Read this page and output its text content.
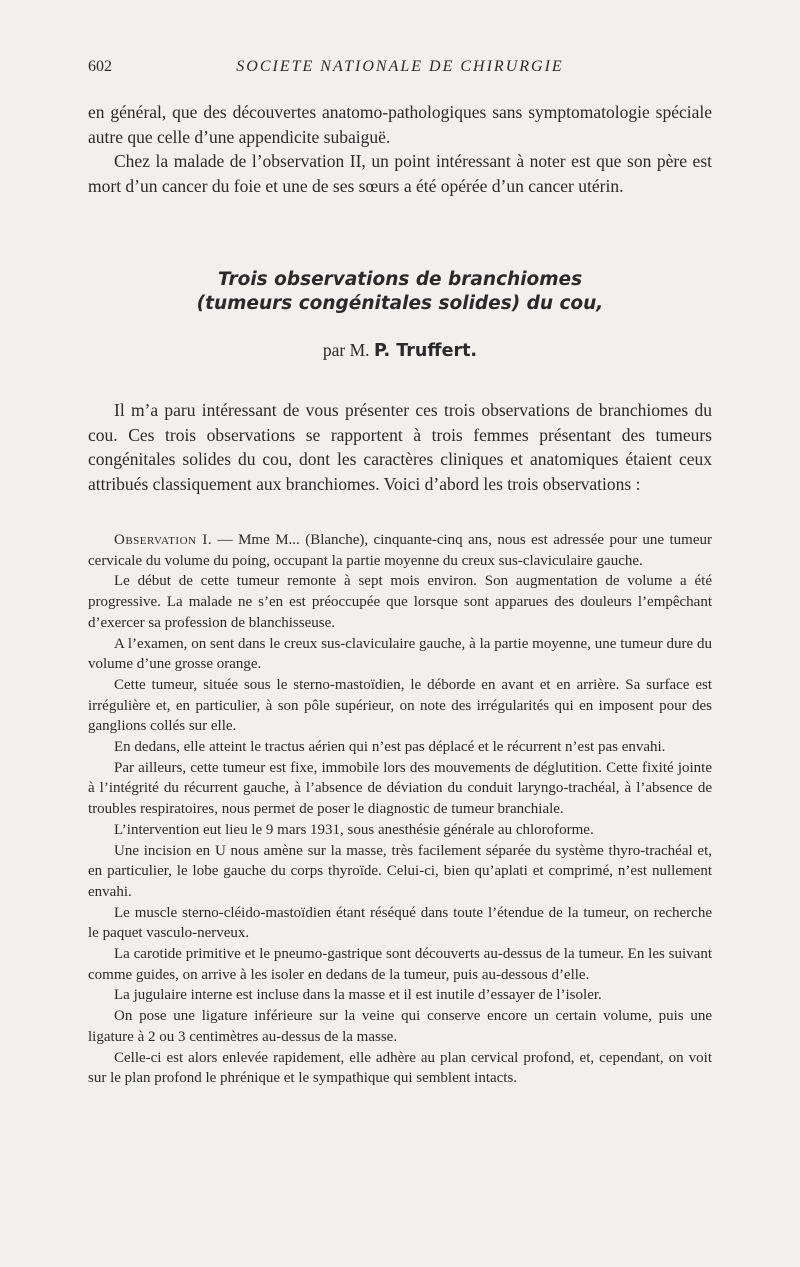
602	SOCIETE NATIONALE DE CHIRURGIE

en général, que des découvertes anatomo-pathologiques sans symptomatologie spéciale autre que celle d’une appendicite subaiguë.

Chez la malade de l’observation II, un point intéressant à noter est que son père est mort d’un cancer du foie et une de ses sœurs a été opérée d’un cancer utérin.

Trois observations de branchiomes
(tumeurs congénitales solides) du cou,
par M. P. Truffert.

Il m’a paru intéressant de vous présenter ces trois observations de branchiomes du cou. Ces trois observations se rapportent à trois femmes présentant des tumeurs congénitales solides du cou, dont les caractères cliniques et anatomiques étaient ceux attribués classiquement aux branchiomes. Voici d’abord les trois observations :

Observation I. — Mme M... (Blanche), cinquante-cinq ans, nous est adressée pour une tumeur cervicale du volume du poing, occupant la partie moyenne du creux sus-claviculaire gauche.

Le début de cette tumeur remonte à sept mois environ. Son augmentation de volume a été progressive. La malade ne s’en est préoccupée que lorsque sont apparues des douleurs l’empêchant d’exercer sa profession de blanchisseuse.

A l’examen, on sent dans le creux sus-claviculaire gauche, à la partie moyenne, une tumeur dure du volume d’une grosse orange.

Cette tumeur, située sous le sterno-mastoïdien, le déborde en avant et en arrière. Sa surface est irrégulière et, en particulier, à son pôle supérieur, on note des irrégularités qui en imposent pour des ganglions collés sur elle.

En dedans, elle atteint le tractus aérien qui n’est pas déplacé et le récurrent n’est pas envahi.

Par ailleurs, cette tumeur est fixe, immobile lors des mouvements de déglutition. Cette fixité jointe à l’intégrité du récurrent gauche, à l’absence de déviation du conduit laryngo-trachéal, à l’absence de troubles respiratoires, nous permet de poser le diagnostic de tumeur branchiale.

L’intervention eut lieu le 9 mars 1931, sous anesthésie générale au chloroforme.

Une incision en U nous amène sur la masse, très facilement séparée du système thyro-trachéal et, en particulier, le lobe gauche du corps thyroïde. Celui-ci, bien qu’aplati et comprimé, n’est nullement envahi.

Le muscle sterno-cléido-mastoïdien étant réséqué dans toute l’étendue de la tumeur, on recherche le paquet vasculo-nerveux.

La carotide primitive et le pneumo-gastrique sont découverts au-dessus de la tumeur. En les suivant comme guides, on arrive à les isoler en dedans de la tumeur, puis au-dessous d’elle.

La jugulaire interne est incluse dans la masse et il est inutile d’essayer de l’isoler.

On pose une ligature inférieure sur la veine qui conserve encore un certain volume, puis une ligature à 2 ou 3 centimètres au-dessus de la masse.

Celle-ci est alors enlevée rapidement, elle adhère au plan cervical profond, et, cependant, on voit sur le plan profond le phrénique et le sympathique qui semblent intacts.
